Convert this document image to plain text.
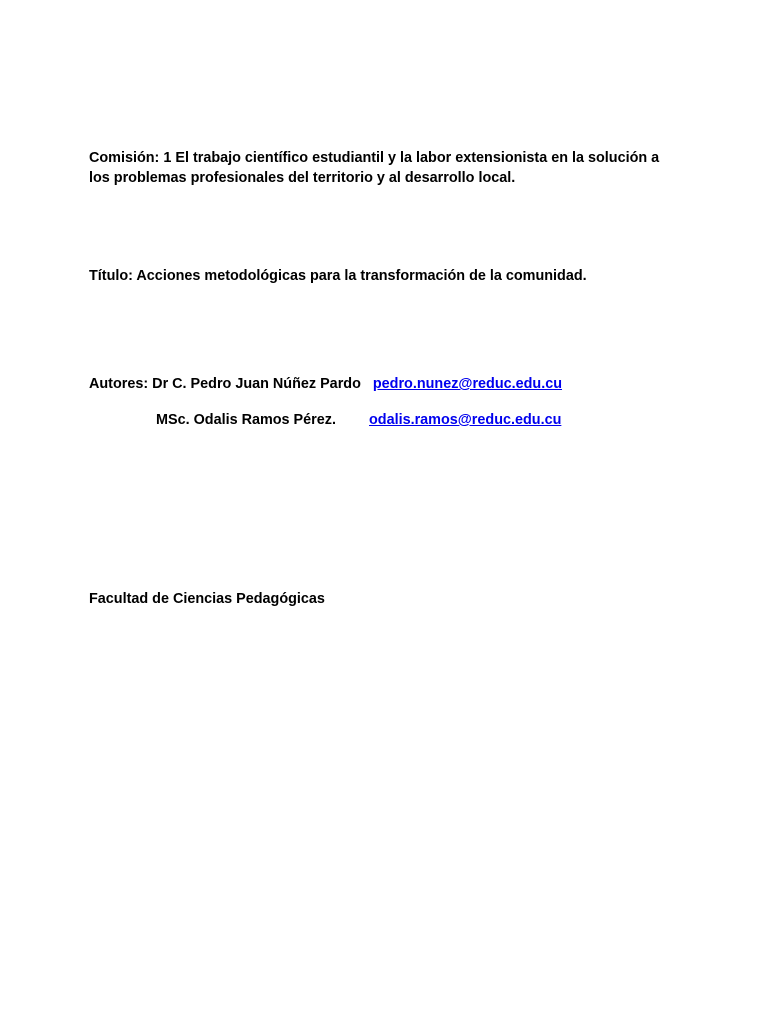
Comisión: 1 El trabajo científico estudiantil y la labor extensionista en la solución a
los problemas profesionales del territorio y al desarrollo local.
Título: Acciones metodológicas para la transformación de la comunidad.
Autores: Dr C. Pedro Juan Núñez Pardo pedro.nunez@reduc.edu.cu
MSc. Odalis Ramos Pérez. odalis.ramos@reduc.edu.cu
Facultad de Ciencias Pedagógicas
